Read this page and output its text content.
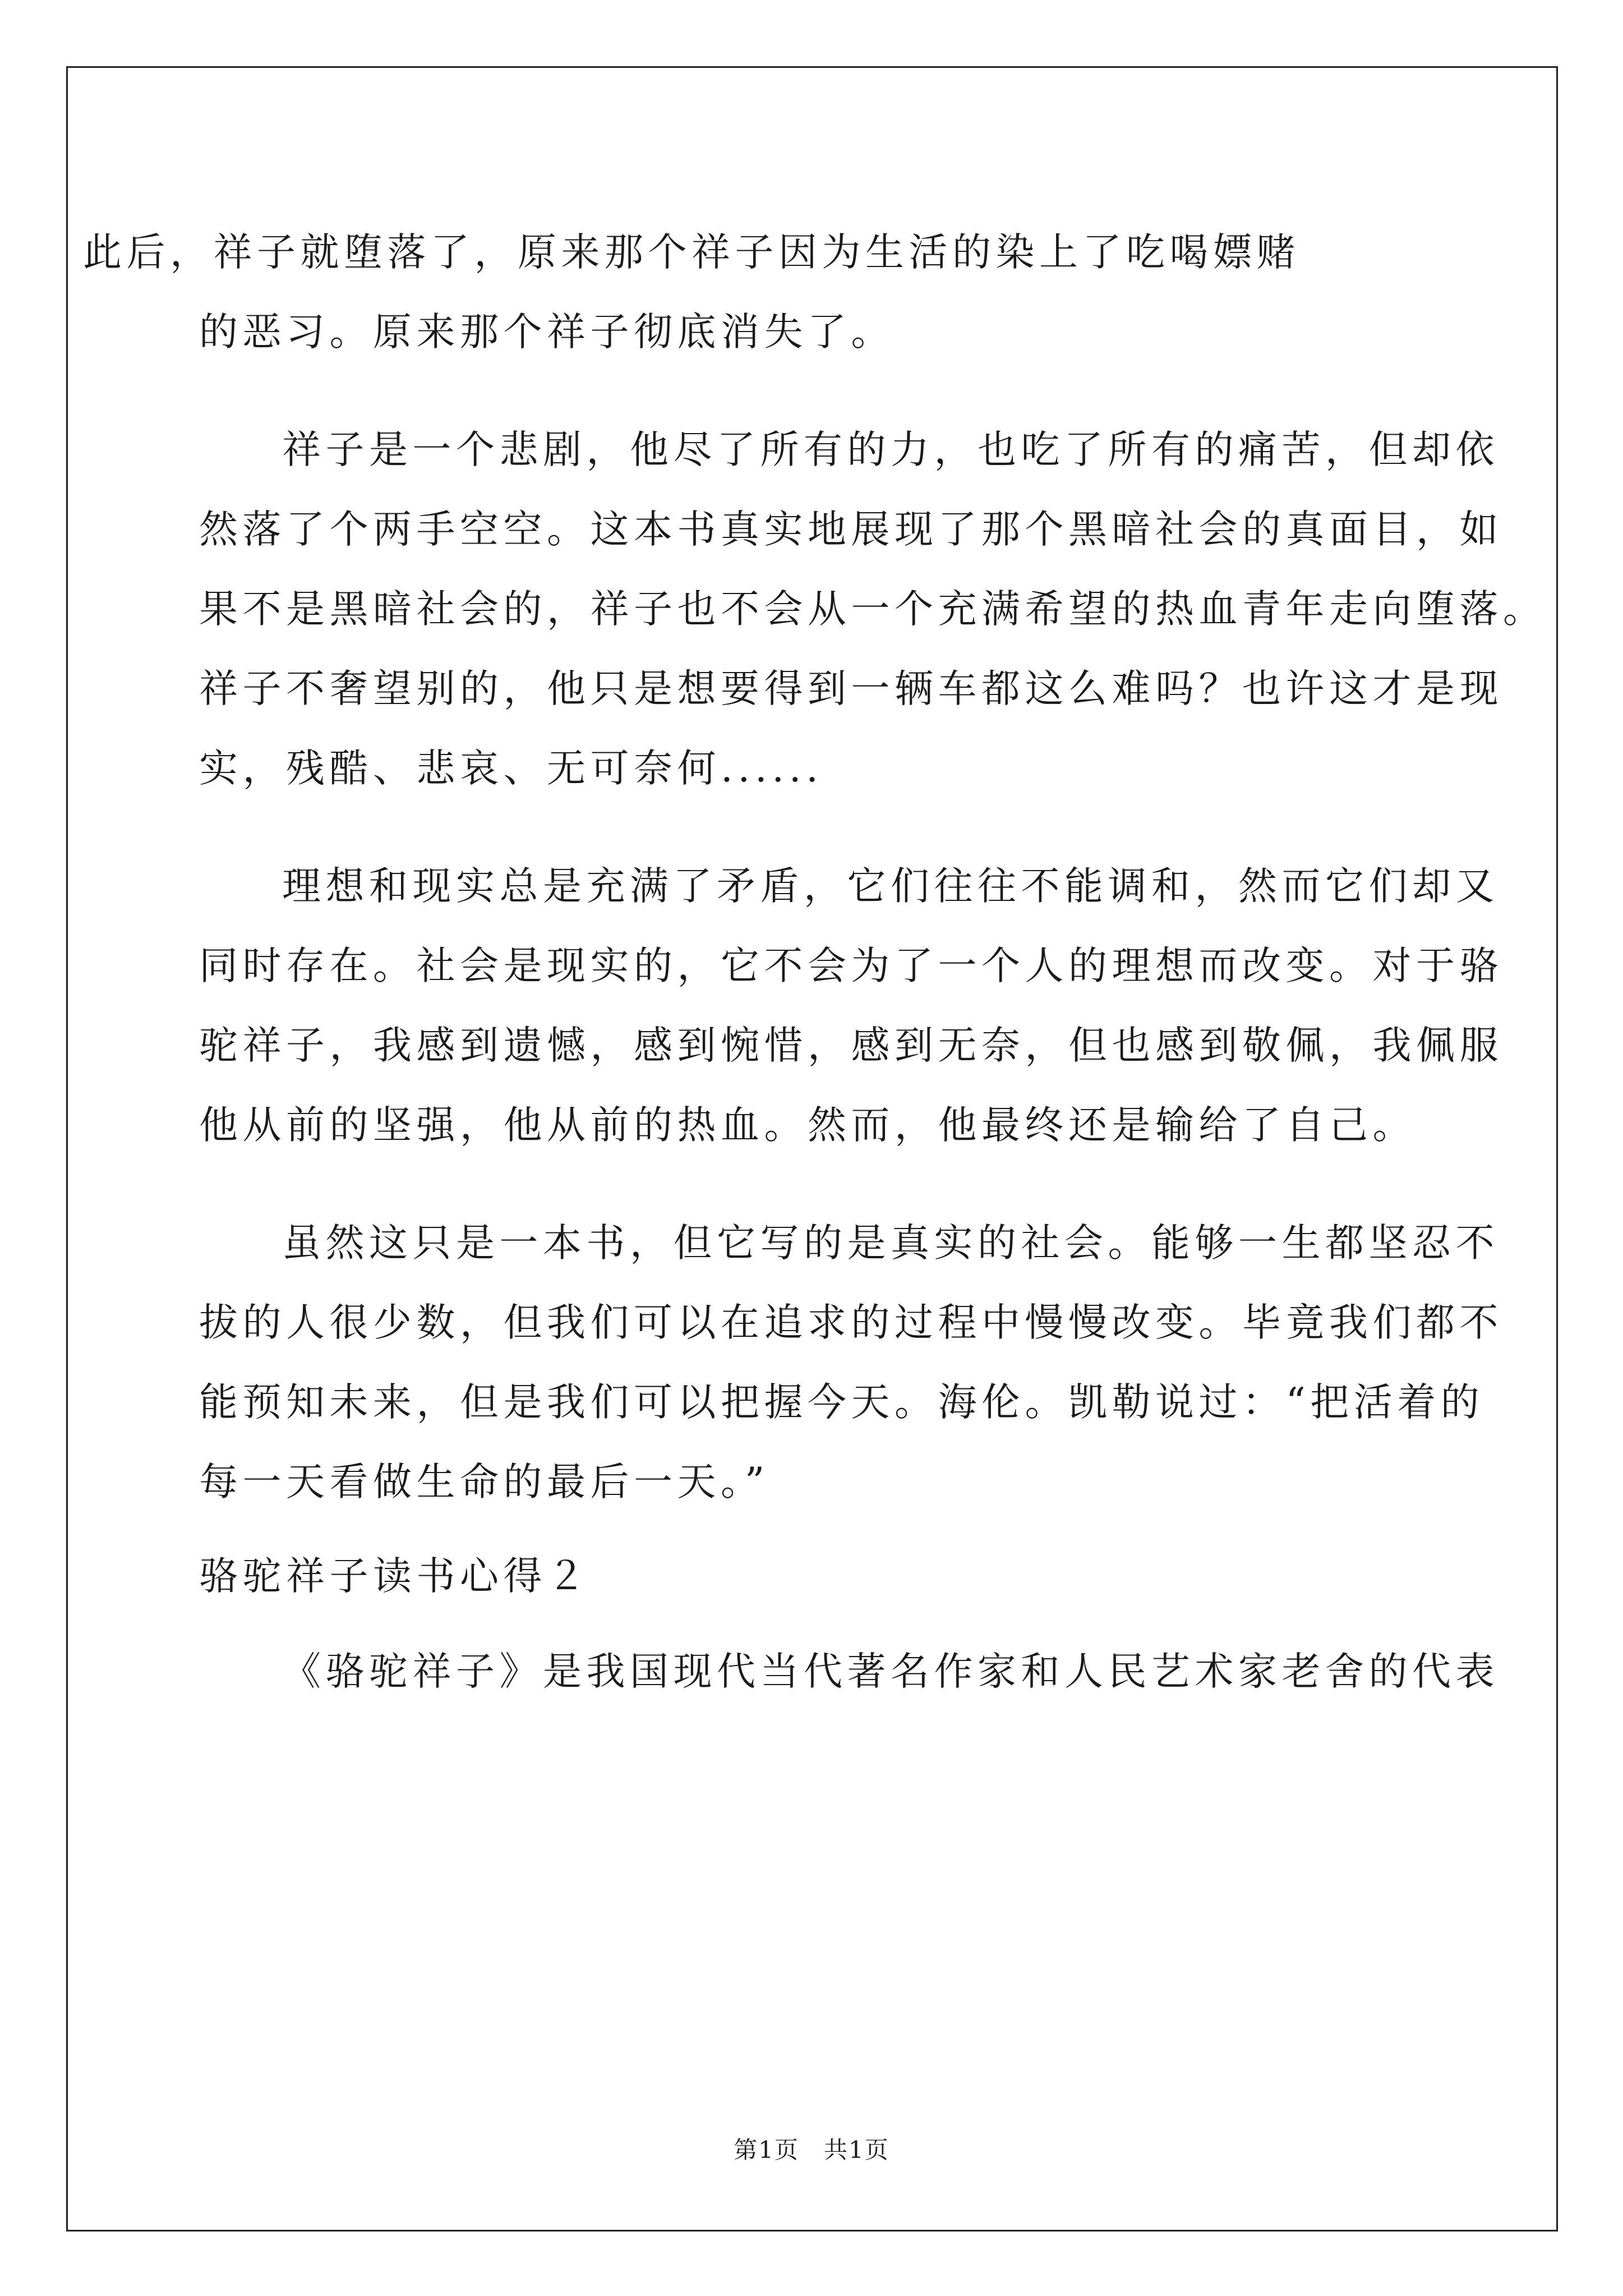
此后，祥子就堕落了，原来那个祥子因为生活的染上了吃喝嫖赌
的恶习。原来那个祥子彻底消失了。
祥子是一个悲剧，他尽了所有的力，也吃了所有的痛苦，但却依
然落了个两手空空。这本书真实地展现了那个黑暗社会的真面目，如
果不是黑暗社会的，祥子也不会从一个充满希望的热血青年走向堕落。
祥子不奢望别的，他只是想要得到一辆车都这么难吗？也许这才是现
实，残酷、悲哀、无可奈何......
理想和现实总是充满了矛盾，它们往往不能调和，然而它们却又
同时存在。社会是现实的，它不会为了一个人的理想而改变。对于骆
驼祥子，我感到遗憾，感到惋惜，感到无奈，但也感到敬佩，我佩服
他从前的坚强，他从前的热血。然而，他最终还是输给了自己。
虽然这只是一本书，但它写的是真实的社会。能够一生都坚忍不
拔的人很少数，但我们可以在追求的过程中慢慢改变。毕竟我们都不
能预知未来，但是我们可以把握今天。海伦。凯勒说过：“把活着的
每一天看做生命的最后一天。”
骆驼祥子读书心得２
《骆驼祥子》是我国现代当代著名作家和人民艺术家老舍的代表
第1页　共1页
